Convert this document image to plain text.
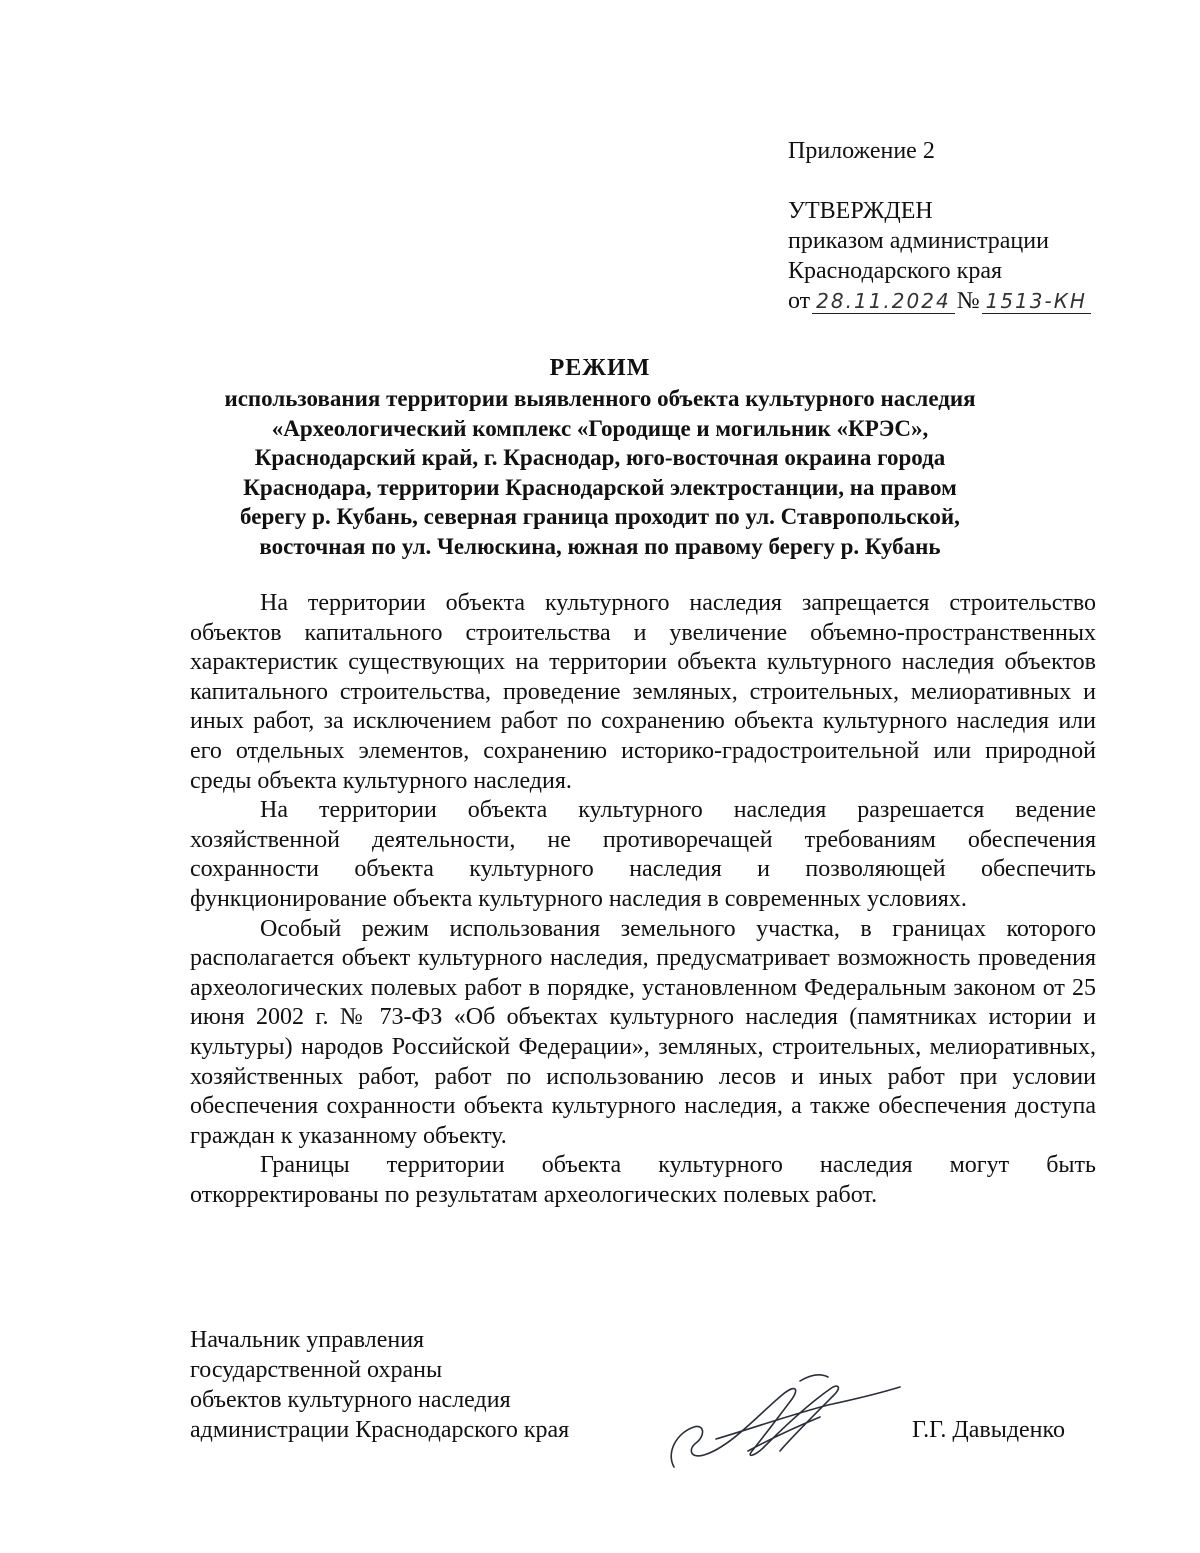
Приложение 2
УТВЕРЖДЕН
приказом администрации
Краснодарского края
от 28.11.2024 № 1513-КН
РЕЖИМ
использования территории выявленного объекта культурного наследия
«Археологический комплекс «Городище и могильник «КРЭС»,
Краснодарский край, г. Краснодар, юго-восточная окраина города
Краснодара, территории Краснодарской электростанции, на правом
берегу р. Кубань, северная граница проходит по ул. Ставропольской,
восточная по ул. Челюскина, южная по правому берегу р. Кубань

На территории объекта культурного наследия запрещается строительство объектов капитального строительства и увеличение объемно-пространственных характеристик существующих на территории объекта культурного наследия объектов капитального строительства, проведение земляных, строительных, мелиоративных и иных работ, за исключением работ по сохранению объекта культурного наследия или его отдельных элементов, сохранению историко-градостроительной или природной среды объекта культурного наследия.

На территории объекта культурного наследия разрешается ведение хозяйственной деятельности, не противоречащей требованиям обеспечения сохранности объекта культурного наследия и позволяющей обеспечить функционирование объекта культурного наследия в современных условиях.

Особый режим использования земельного участка, в границах которого располагается объект культурного наследия, предусматривает возможность проведения археологических полевых работ в порядке, установленном Федеральным законом от 25 июня 2002 г. № 73-ФЗ «Об объектах культурного наследия (памятниках истории и культуры) народов Российской Федерации», земляных, строительных, мелиоративных, хозяйственных работ, работ по использованию лесов и иных работ при условии обеспечения сохранности объекта культурного наследия, а также обеспечения доступа граждан к указанному объекту.

Границы территории объекта культурного наследия могут быть откорректированы по результатам археологических полевых работ.

Начальник управления
государственной охраны
объектов культурного наследия
администрации Краснодарского края	Г.Г. Давыденко
